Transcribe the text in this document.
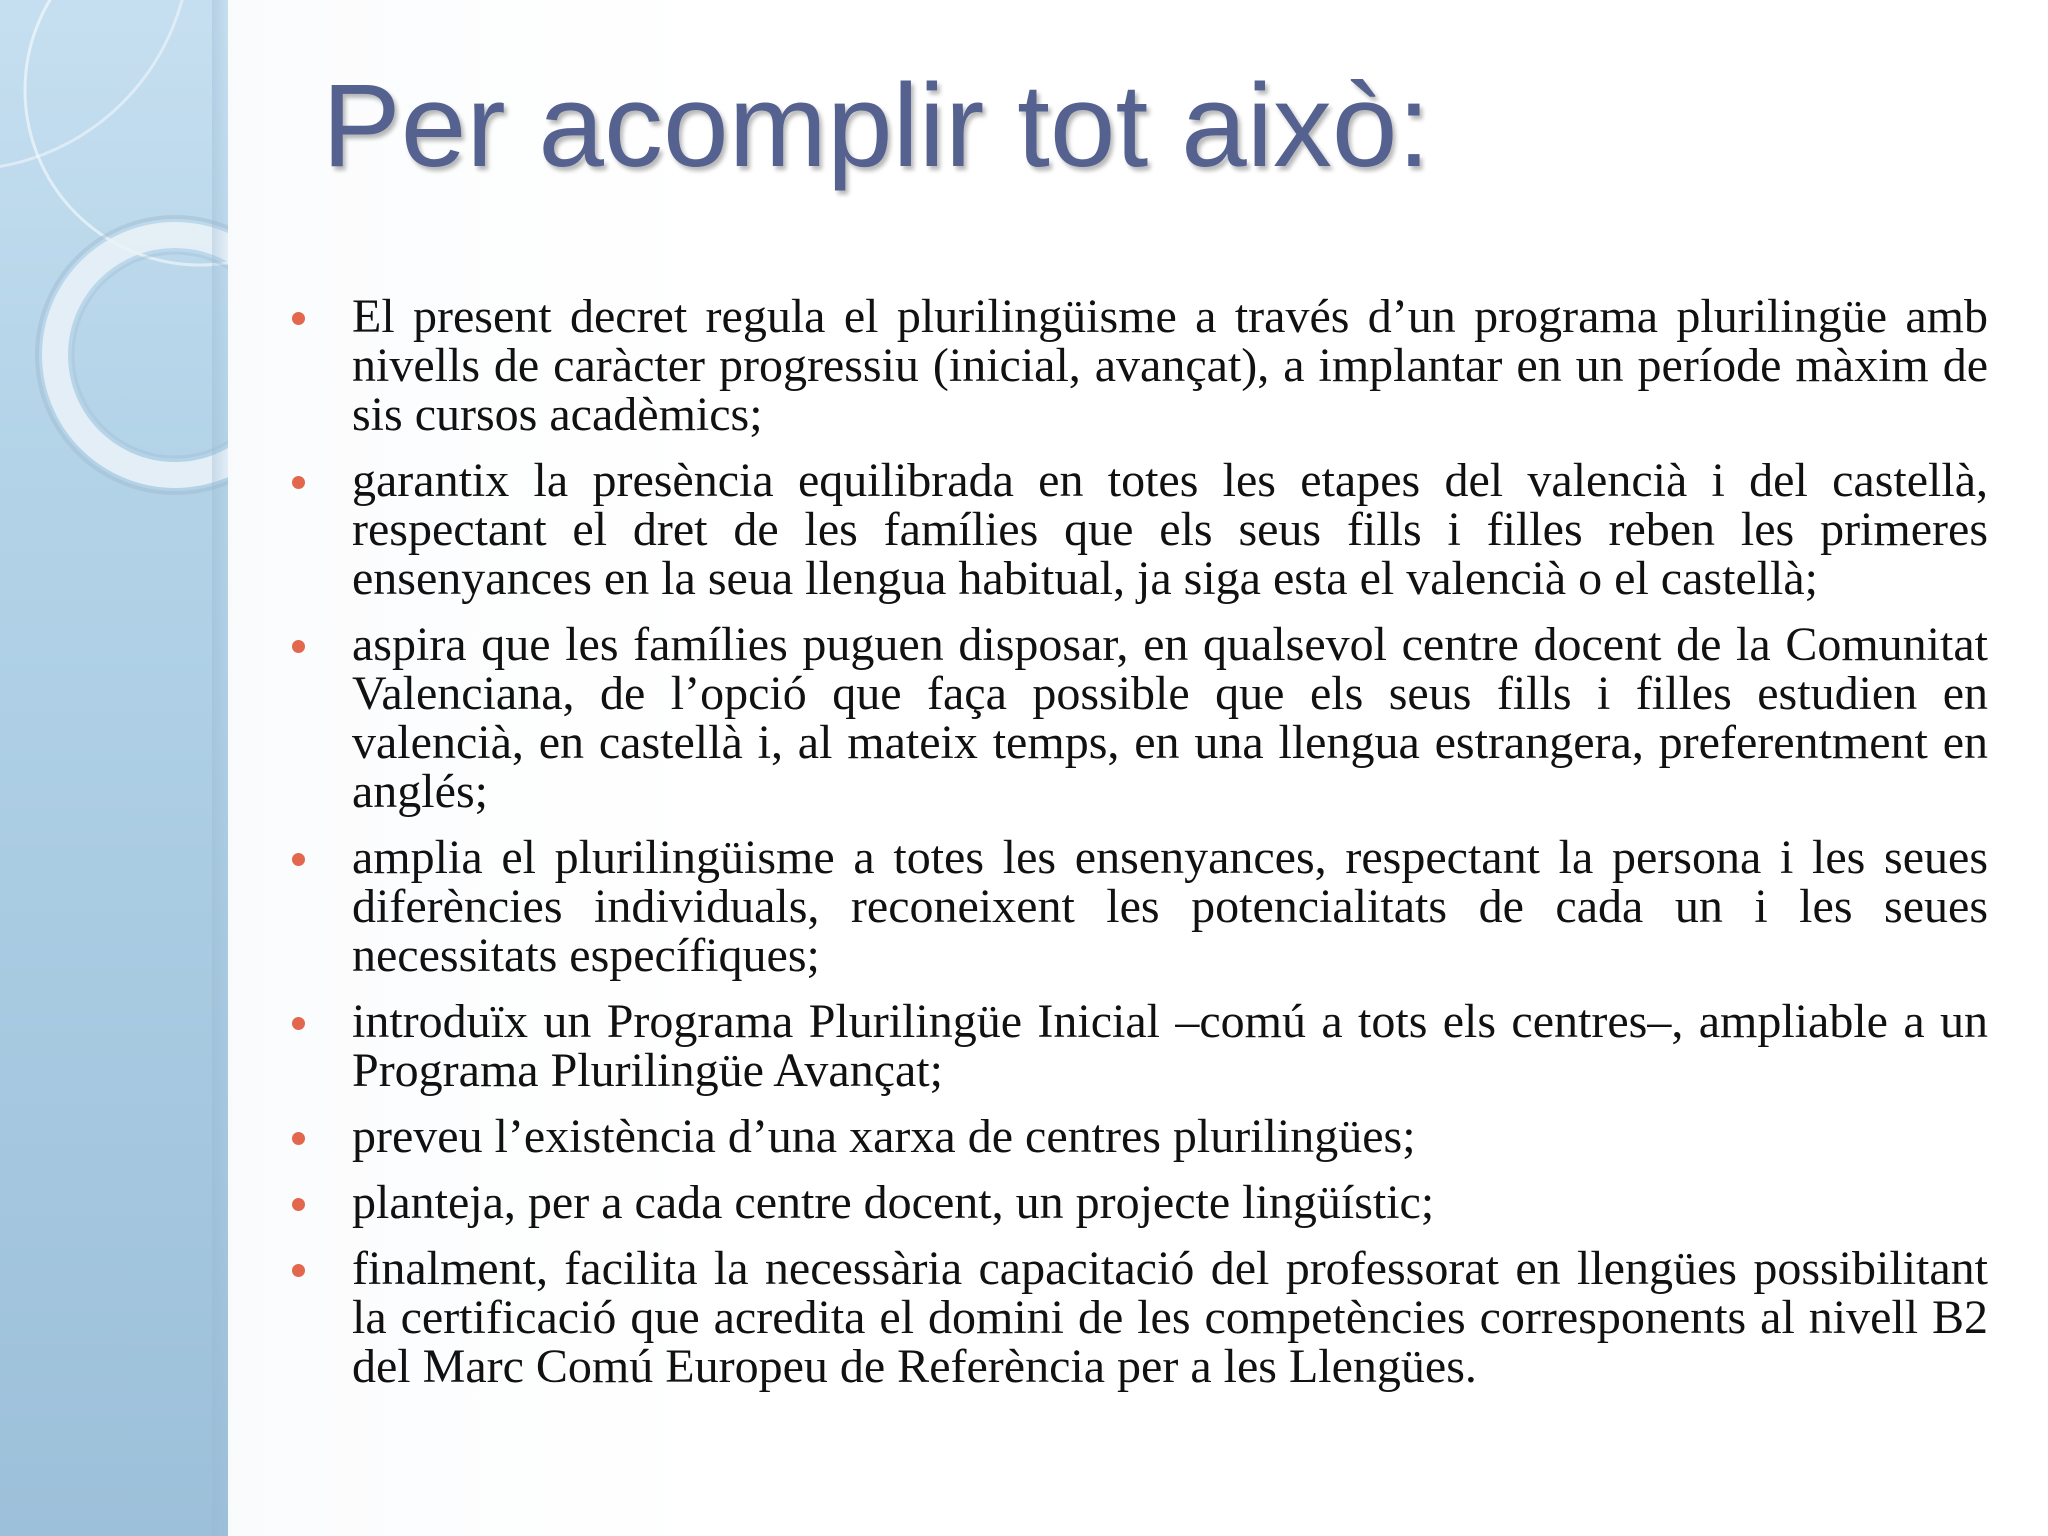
Per acomplir tot això:
El present decret regula el plurilingüisme a través d’un programa plurilingüe amb nivells de caràcter progressiu (inicial, avançat), a implantar en un període màxim de sis cursos acadèmics;
garantix la presència equilibrada en totes les etapes del valencià i del castellà, respectant el dret de les famílies que els seus fills i filles reben les primeres ensenyances en la seua llengua habitual, ja siga esta el valencià o el castellà;
aspira que les famílies puguen disposar, en qualsevol centre docent de la Comunitat Valenciana, de l’opció que faça possible que els seus fills i filles estudien en valencià, en castellà i, al mateix temps, en una llengua estrangera, preferentment en anglés;
amplia el plurilingüisme a totes les ensenyances, respectant la persona i les seues diferències individuals, reconeixent les potencialitats de cada un i les seues necessitats específiques;
introduïx un Programa Plurilingüe Inicial –comú a tots els centres–, ampliable a un Programa Plurilingüe Avançat;
preveu l’existència d’una xarxa de centres plurilingües;
planteja, per a cada centre docent, un projecte lingüístic;
finalment, facilita la necessària capacitació del professorat en llengües possibilitant la certificació que acredita el domini de les competències corresponents al nivell B2 del Marc Comú Europeu de Referència per a les Llengües.
